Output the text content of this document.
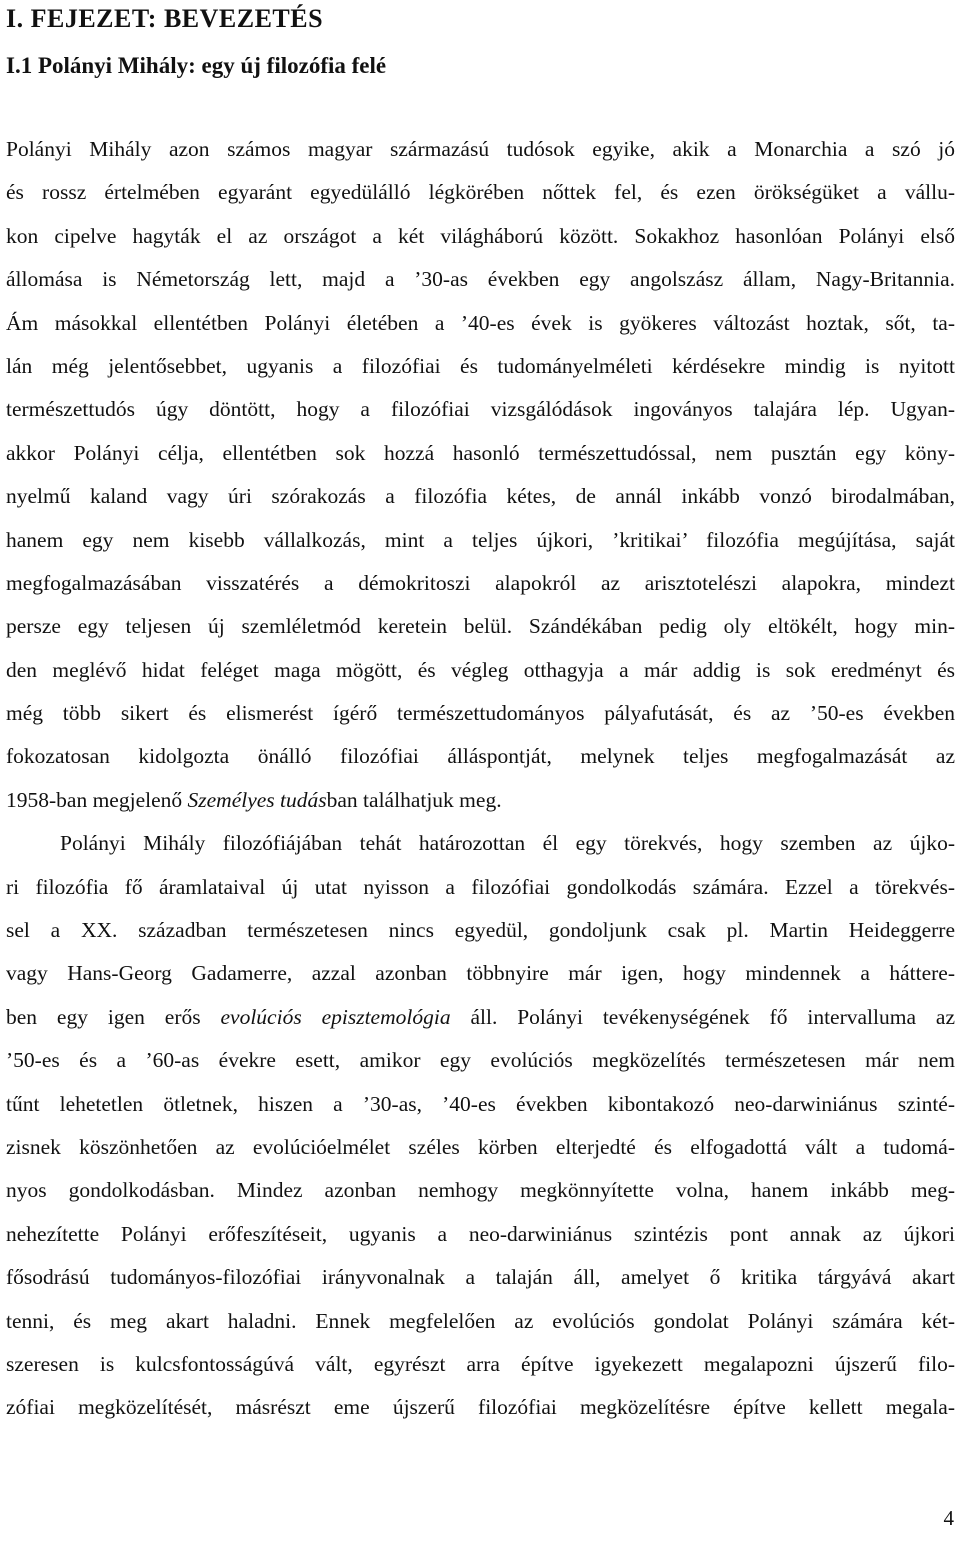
I. FEJEZET: BEVEZETÉS
I.1 Polányi Mihály: egy új filozófia felé
Polányi Mihály azon számos magyar származású tudósok egyike, akik a Monarchia a szó jó
és rossz értelmében egyaránt egyedülálló légkörében nőttek fel, és ezen örökségüket a vállu-
kon cipelve hagyták el az országot a két világháború között. Sokakhoz hasonlóan Polányi első
állomása is Németország lett, majd a ’30-as években egy angolszász állam, Nagy-Britannia.
Ám másokkal ellentétben Polányi életében a ’40-es évek is gyökeres változást hoztak, sőt, ta-
lán még jelentősebbet, ugyanis a filozófiai és tudományelméleti kérdésekre mindig is nyitott
természettudós úgy döntött, hogy a filozófiai vizsgálódások ingoványos talajára lép. Ugyan-
akkor Polányi célja, ellentétben sok hozzá hasonló természettudóssal, nem pusztán egy köny-
nyelmű kaland vagy úri szórakozás a filozófia kétes, de annál inkább vonzó birodalmában,
hanem egy nem kisebb vállalkozás, mint a teljes újkori, ’kritikai’ filozófia megújítása, saját
megfogalmazásában visszatérés a démokritoszi alapokról az arisztotelészi alapokra, mindezt
persze egy teljesen új szemléletmód keretein belül. Szándékában pedig oly eltökélt, hogy min-
den meglévő hidat feléget maga mögött, és végleg otthagyja a már addig is sok eredményt és
még több sikert és elismerést ígérő természettudományos pályafutását, és az ’50-es években
fokozatosan kidolgozta önálló filozófiai álláspontját, melynek teljes megfogalmazását az
1958-ban megjelenő Személyes tudásban találhatjuk meg.
Polányi Mihály filozófiájában tehát határozottan él egy törekvés, hogy szemben az újko-
ri filozófia fő áramlataival új utat nyisson a filozófiai gondolkodás számára. Ezzel a törekvés-
sel a XX. században természetesen nincs egyedül, gondoljunk csak pl. Martin Heideggerre
vagy Hans-Georg Gadamerre, azzal azonban többnyire már igen, hogy mindennek a háttere-
ben egy igen erős evolúciós episztemológia áll. Polányi tevékenységének fő intervalluma az
’50-es és a ’60-as évekre esett, amikor egy evolúciós megközelítés természetesen már nem
tűnt lehetetlen ötletnek, hiszen a ’30-as, ’40-es években kibontakozó neo-darwiniánus szinté-
zisnek köszönhetően az evolúcióelmélet széles körben elterjedté és elfogadottá vált a tudomá-
nyos gondolkodásban. Mindez azonban nemhogy megkönnyítette volna, hanem inkább meg-
nehezítette Polányi erőfeszítéseit, ugyanis a neo-darwiniánus szintézis pont annak az újkori
fősodrású tudományos-filozófiai irányvonalnak a talaján áll, amelyet ő kritika tárgyává akart
tenni, és meg akart haladni. Ennek megfelelően az evolúciós gondolat Polányi számára két-
szeresen is kulcsfontosságúvá vált, egyrészt arra építve igyekezett megalapozni újszerű filo-
zófiai megközelítését, másrészt eme újszerű filozófiai megközelítésre építve kellett megala-
4
